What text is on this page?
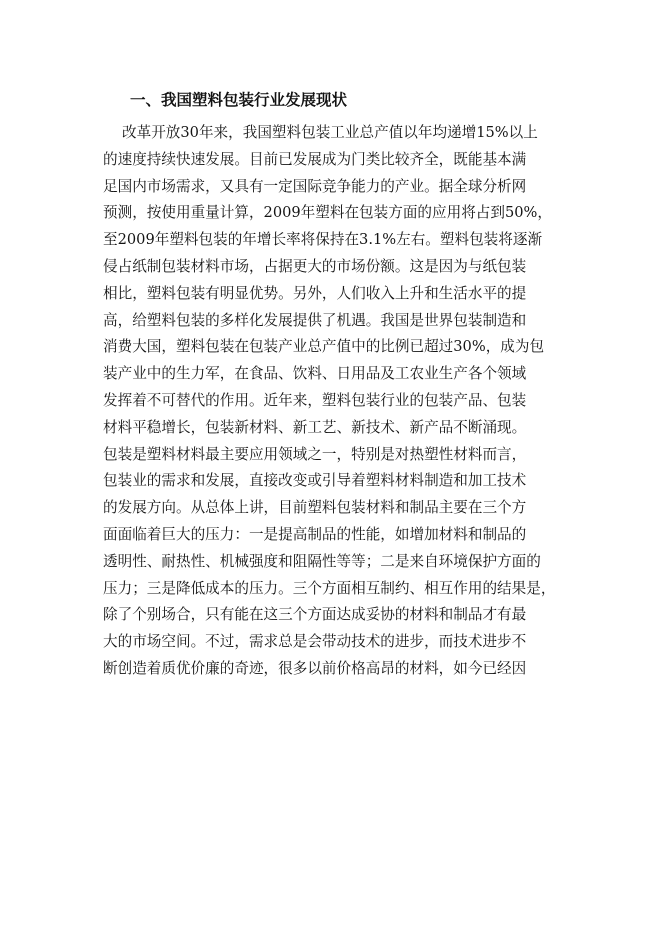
一、我国塑料包装行业发展现状
改革开放30年来，我国塑料包装工业总产值以年均递增15%以上
的速度持续快速发展。目前已发展成为门类比较齐全，既能基本满
足国内市场需求，又具有一定国际竞争能力的产业。据全球分析网
预测，按使用重量计算，2009年塑料在包装方面的应用将占到50%，
至2009年塑料包装的年增长率将保持在3.1%左右。塑料包装将逐渐
侵占纸制包装材料市场，占据更大的市场份额。这是因为与纸包装
相比，塑料包装有明显优势。另外，人们收入上升和生活水平的提
高，给塑料包装的多样化发展提供了机遇。我国是世界包装制造和
消费大国，塑料包装在包装产业总产值中的比例已超过30%，成为包
装产业中的生力军，在食品、饮料、日用品及工农业生产各个领域
发挥着不可替代的作用。近年来，塑料包装行业的包装产品、包装
材料平稳增长，包装新材料、新工艺、新技术、新产品不断涌现。
包装是塑料材料最主要应用领域之一，特别是对热塑性材料而言，
包装业的需求和发展，直接改变或引导着塑料材料制造和加工技术
的发展方向。从总体上讲，目前塑料包装材料和制品主要在三个方
面面临着巨大的压力：一是提高制品的性能，如增加材料和制品的
透明性、耐热性、机械强度和阻隔性等等；二是来自环境保护方面的
压力；三是降低成本的压力。三个方面相互制约、相互作用的结果是，
除了个别场合，只有能在这三个方面达成妥协的材料和制品才有最
大的市场空间。不过，需求总是会带动技术的进步，而技术进步不
断创造着质优价廉的奇迹，很多以前价格高昂的材料，如今已经因
